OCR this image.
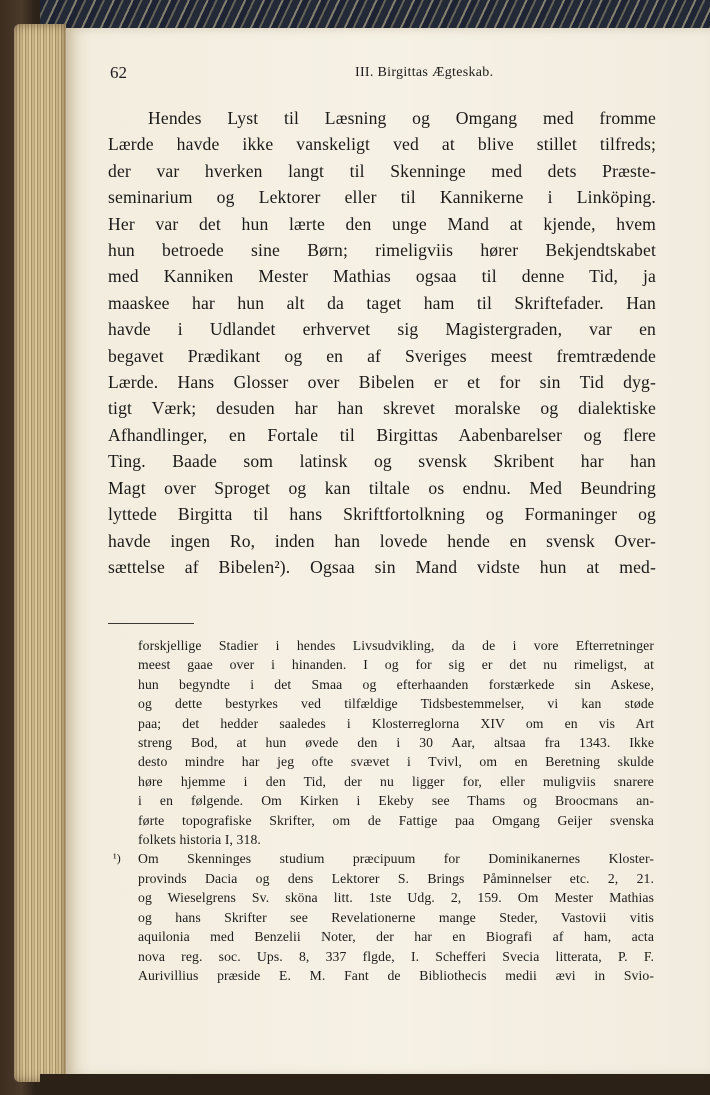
62	III. Birgittas Ægteskab.
Hendes Lyst til Læsning og Omgang med fromme
Lærde havde ikke vanskeligt ved at blive stillet tilfreds;
der var hverken langt til Skenninge med dets Præste-
seminarium og Lektorer eller til Kannikerne i Linköping.
Her var det hun lærte den unge Mand at kjende, hvem
hun betroede sine Børn; rimeligviis hører Bekjendtskabet
med Kanniken Mester Mathias ogsaa til denne Tid, ja
maaskee har hun alt da taget ham til Skriftefader. Han
havde i Udlandet erhvervet sig Magistergraden, var en
begavet Prædikant og en af Sveriges meest fremtrædende
Lærde. Hans Glosser over Bibelen er et for sin Tid dyg-
tigt Værk; desuden har han skrevet moralske og dialektiske
Afhandlinger, en Fortale til Birgittas Aabenbarelser og flere
Ting. Baade som latinsk og svensk Skribent har han
Magt over Sproget og kan tiltale os endnu. Med Beundring
lyttede Birgitta til hans Skriftfortolkning og Formaninger og
havde ingen Ro, inden han lovede hende en svensk Over-
sættelse af Bibelen²). Ogsaa sin Mand vidste hun at med-
forskjellige Stadier i hendes Livsudvikling, da de i vore Efterretninger
meest gaae over i hinanden. I og for sig er det nu rimeligst, at
hun begyndte i det Smaa og efterhaanden forstærkede sin Askese,
og dette bestyrkes ved tilfældige Tidsbestemmelser, vi kan støde
paa; det hedder saaledes i Klosterreglorna XIV om en vis Art
streng Bod, at hun øvede den i 30 Aar, altsaa fra 1343. Ikke
desto mindre har jeg ofte svævet i Tvivl, om en Beretning skulde
høre hjemme i den Tid, der nu ligger for, eller muligviis snarere
i en følgende. Om Kirken i Ekeby see Thams og Broocmans an-
førte topografiske Skrifter, om de Fattige paa Omgang Geijer svenska
folkets historia I, 318.
¹) Om Skenninges studium præcipuum for Dominikanernes Kloster-
provinds Dacia og dens Lektorer S. Brings Påminnelser etc. 2, 21.
og Wieselgrens Sv. sköna litt. 1ste Udg. 2, 159. Om Mester Mathias
og hans Skrifter see Revelationerne mange Steder, Vastovii vitis
aquilonia med Benzelii Noter, der har en Biografi af ham, acta
nova reg. soc. Ups. 8, 337 flgde, I. Schefferi Svecia litterata, P. F.
Aurivillius præside E. M. Fant de Bibliothecis medii ævi in Svio-
